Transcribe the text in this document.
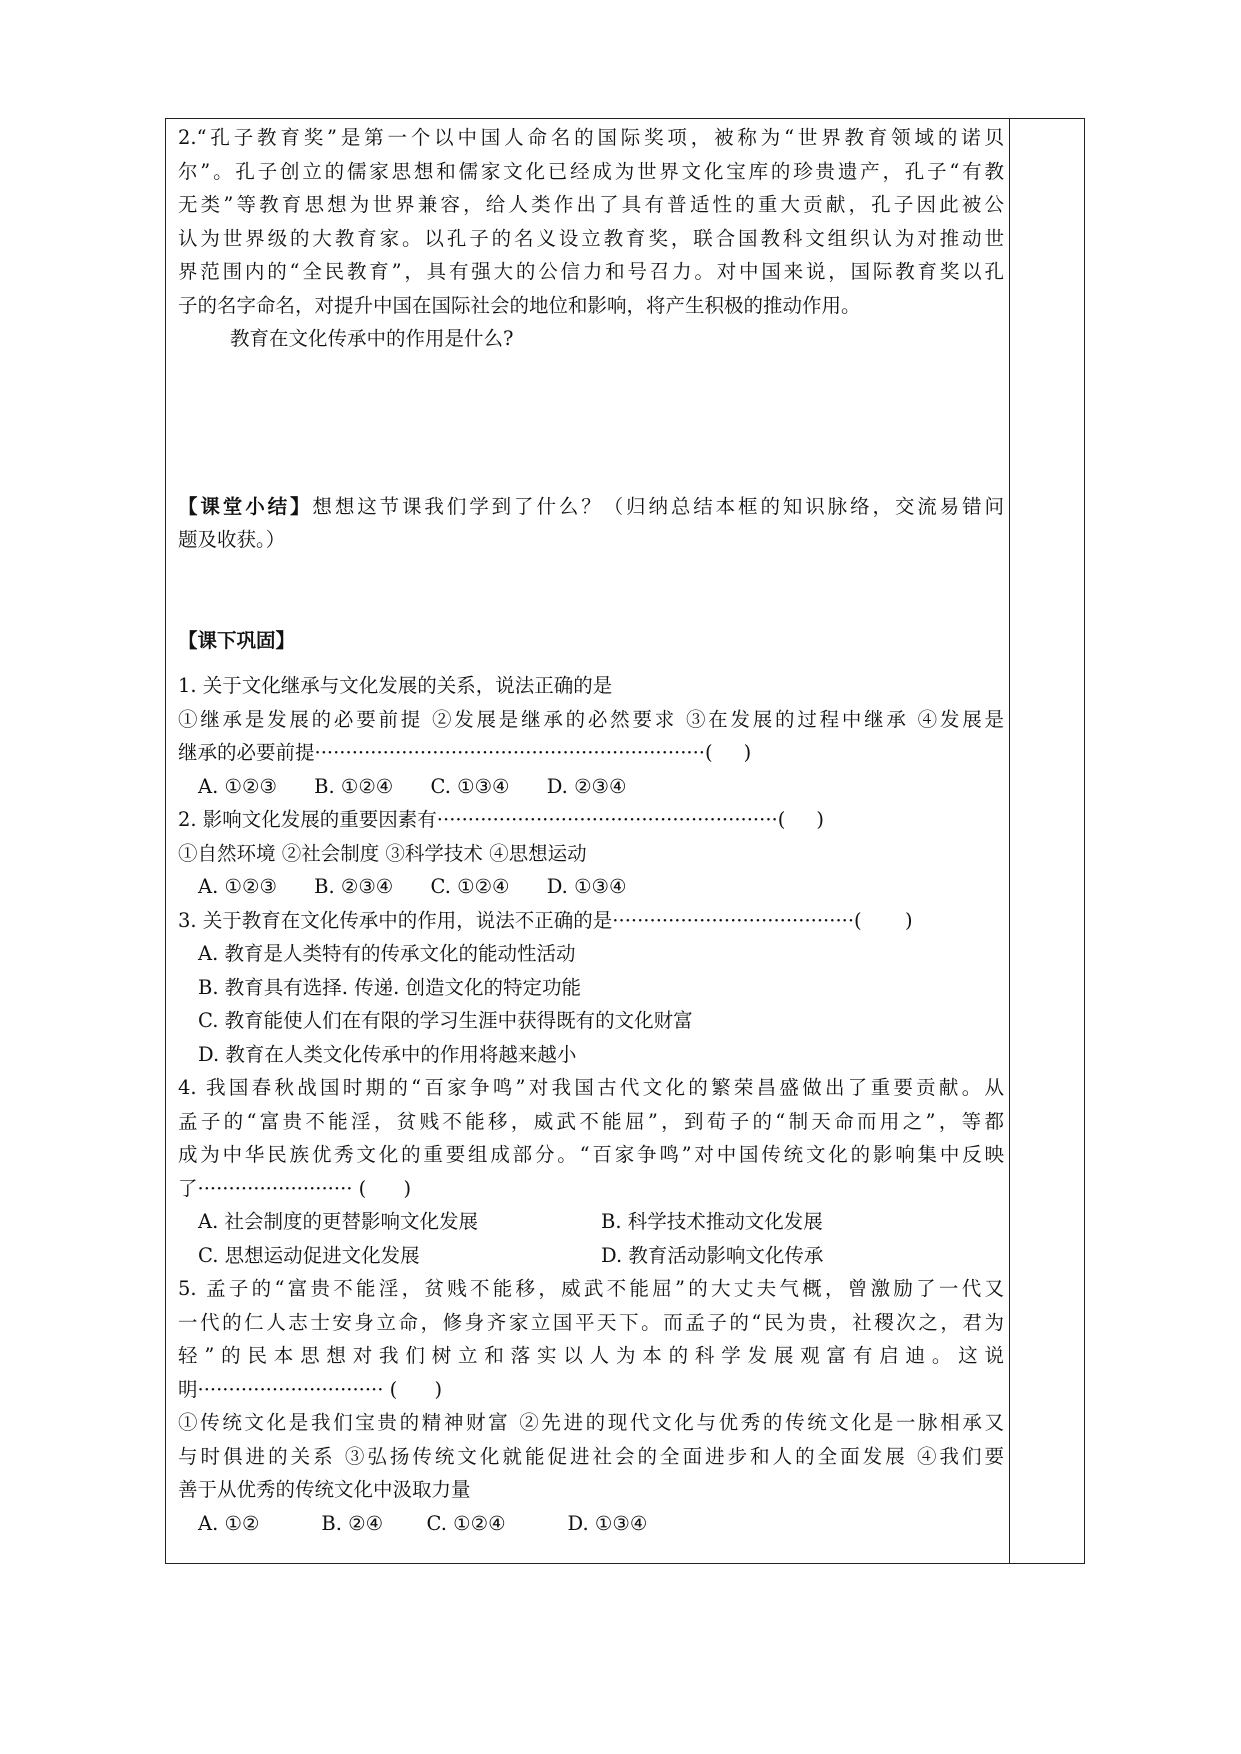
2.“孔子教育奖”是第一个以中国人命名的国际奖项，被称为“世界教育领域的诺贝
尔”。孔子创立的儒家思想和儒家文化已经成为世界文化宝库的珍贵遗产，孔子“有教
无类”等教育思想为世界兼容，给人类作出了具有普适性的重大贡献，孔子因此被公
认为世界级的大教育家。以孔子的名义设立教育奖，联合国教科文组织认为对推动世
界范围内的“全民教育”，具有强大的公信力和号召力。对中国来说，国际教育奖以孔
子的名字命名，对提升中国在国际社会的地位和影响，将产生积极的推动作用。
教育在文化传承中的作用是什么?
【课堂小结】想想这节课我们学到了什么？（归纳总结本框的知识脉络，交流易错问
题及收获。）
【课下巩固】
1. 关于文化继承与文化发展的关系，说法正确的是
①继承是发展的必要前提 ②发展是继承的必然要求 ③在发展的过程中继承 ④发展是
继承的必要前提·······························································(     )
A. ①②③      B. ①②④      C. ①③④      D. ②③④
2. 影响文化发展的重要因素有·······················································(     )
①自然环境 ②社会制度 ③科学技术 ④思想运动
A. ①②③      B. ②③④      C. ①②④      D. ①③④
3. 关于教育在文化传承中的作用，说法不正确的是·······································(       )
A. 教育是人类特有的传承文化的能动性活动
B. 教育具有选择. 传递. 创造文化的特定功能
C. 教育能使人们在有限的学习生涯中获得既有的文化财富
D. 教育在人类文化传承中的作用将越来越小
4. 我国春秋战国时期的“百家争鸣”对我国古代文化的繁荣昌盛做出了重要贡献。从
孟子的“富贵不能淫，贫贱不能移，威武不能屈”，到荀子的“制天命而用之”，等都
成为中华民族优秀文化的重要组成部分。“百家争鸣”对中国传统文化的影响集中反映
了························· (      )
A. 社会制度的更替影响文化发展	B. 科学技术推动文化发展
C. 思想运动促进文化发展	D. 教育活动影响文化传承
5. 孟子的“富贵不能淫，贫贱不能移，威武不能屈”的大丈夫气概，曾激励了一代又
一代的仁人志士安身立命，修身齐家立国平天下。而孟子的“民为贵，社稷次之，君为
轻”的民本思想对我们树立和落实以人为本的科学发展观富有启迪。这说
明······························ (      )
①传统文化是我们宝贵的精神财富 ②先进的现代文化与优秀的传统文化是一脉相承又
与时俱进的关系 ③弘扬传统文化就能促进社会的全面进步和人的全面发展 ④我们要
善于从优秀的传统文化中汲取力量
A. ①②          B. ②④       C. ①②④          D. ①③④
